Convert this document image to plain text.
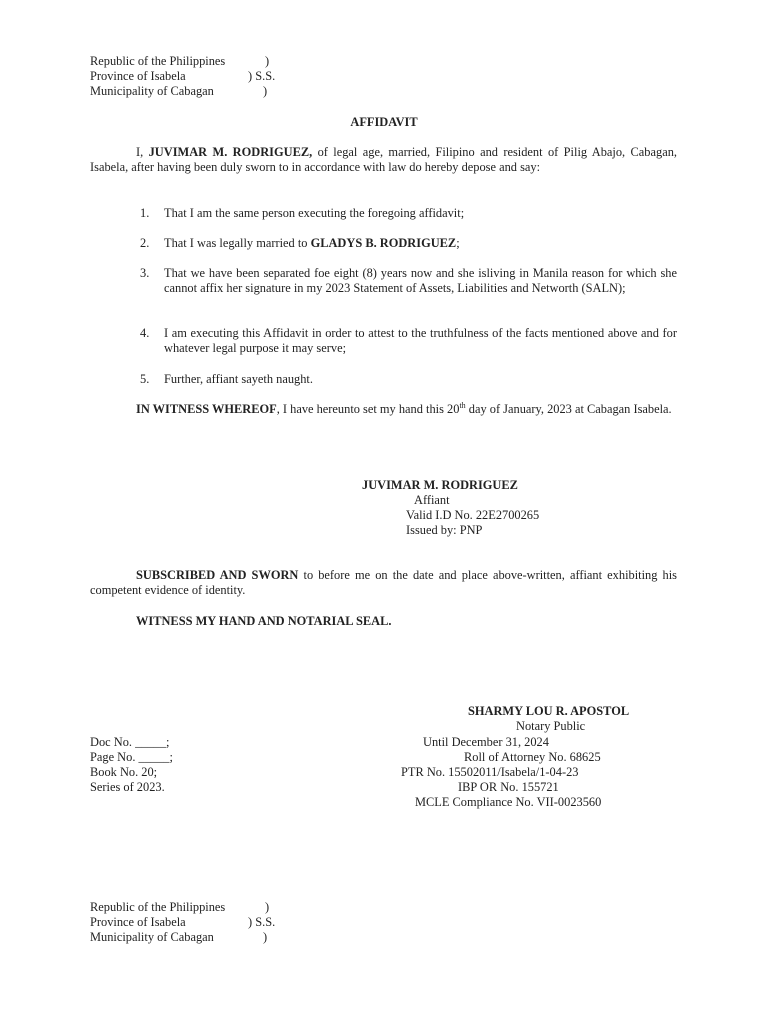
Republic of the Philippines	)
Province of Isabela	) S.S.
Municipality of Cabagan	)
AFFIDAVIT
I, JUVIMAR M. RODRIGUEZ, of legal age, married, Filipino and resident of Pilig Abajo, Cabagan, Isabela, after having been duly sworn to in accordance with law do hereby depose and say:
1. That I am the same person executing the foregoing affidavit;
2. That I was legally married to GLADYS B. RODRIGUEZ;
3. That we have been separated foe eight (8) years now and she isliving in Manila reason for which she cannot affix her signature in my 2023 Statement of Assets, Liabilities and Networth (SALN);
4. I am executing this Affidavit in order to attest to the truthfulness of the facts mentioned above and for whatever legal purpose it may serve;
5. Further, affiant sayeth naught.
IN WITNESS WHEREOF, I have hereunto set my hand this 20th day of January, 2023 at Cabagan Isabela.
JUVIMAR M. RODRIGUEZ
Affiant
Valid I.D No. 22E2700265
Issued by: PNP
SUBSCRIBED AND SWORN to before me on the date and place above-written, affiant exhibiting his competent evidence of identity.
WITNESS MY HAND AND NOTARIAL SEAL.
SHARMY LOU R. APOSTOL
Notary Public
Until December 31, 2024
Roll of Attorney No. 68625
PTR No. 15502011/Isabela/1-04-23
IBP OR No. 155721
MCLE Compliance No. VII-0023560
Doc No. _____;
Page No. _____;
Book No. 20;
Series of 2023.
Republic of the Philippines	)
Province of Isabela	) S.S.
Municipality of Cabagan	)
